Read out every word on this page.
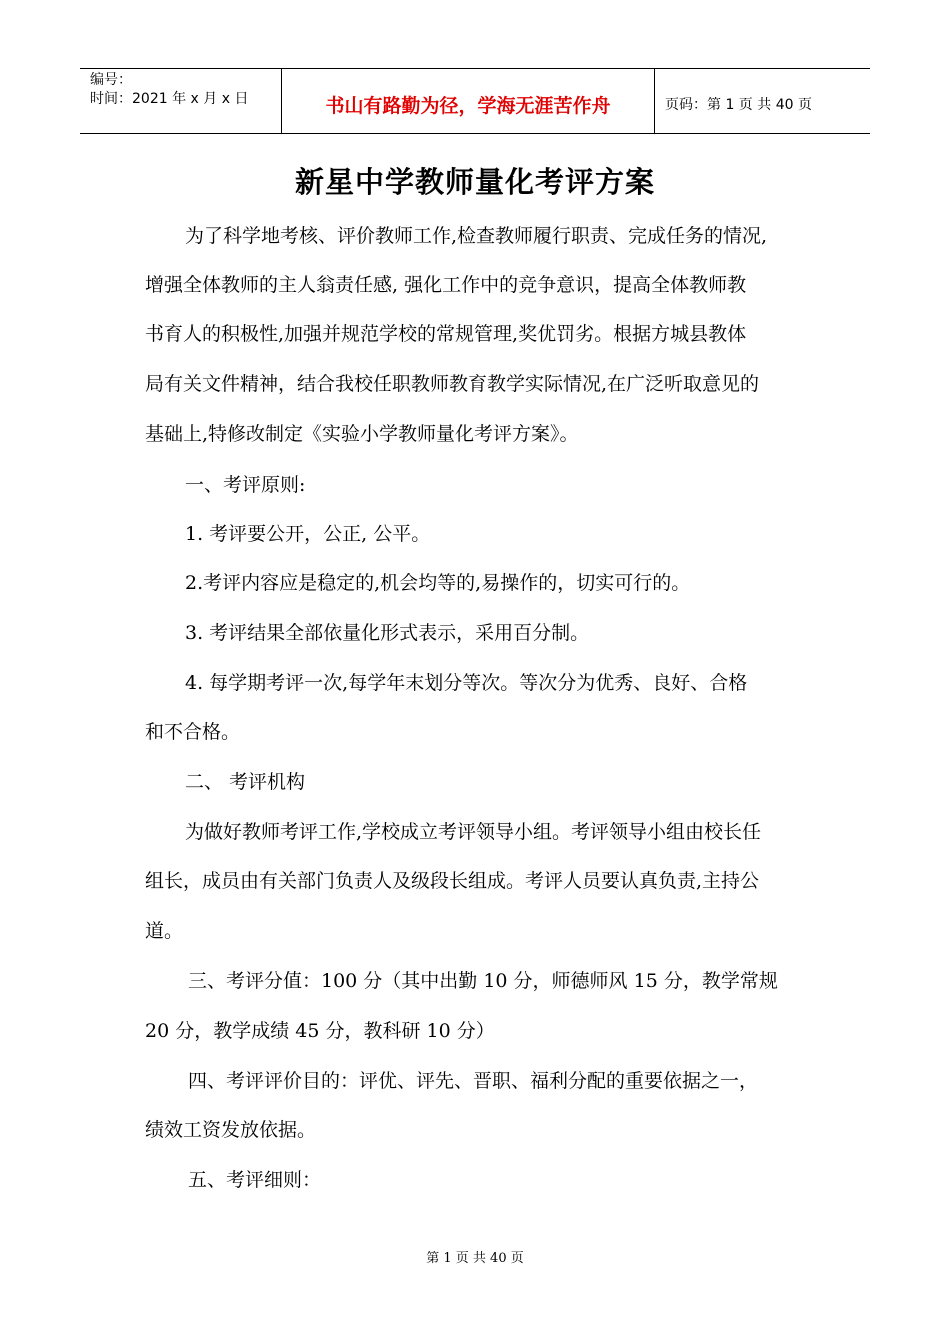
编号：
时间：2021 年 x 月 x 日	书山有路勤为径，学海无涯苦作舟	页码：第 1 页 共 40 页
新星中学教师量化考评方案
为了科学地考核、评价教师工作,检查教师履行职责、完成任务的情况,
增强全体教师的主人翁责任感, 强化工作中的竞争意识，提高全体教师教
书育人的积极性,加强并规范学校的常规管理,奖优罚劣。根据方城县教体
局有关文件精神，结合我校任职教师教育教学实际情况,在广泛听取意见的
基础上,特修改制定《实验小学教师量化考评方案》。
一、考评原则:
1. 考评要公开，公正, 公平。
2.考评内容应是稳定的,机会均等的,易操作的，切实可行的。
3. 考评结果全部依量化形式表示，采用百分制。
4. 每学期考评一次,每学年末划分等次。等次分为优秀、良好、合格
和不合格。
二、 考评机构
为做好教师考评工作,学校成立考评领导小组。考评领导小组由校长任
组长，成员由有关部门负责人及级段长组成。考评人员要认真负责,主持公
道。
三、考评分值：100 分（其中出勤 10 分，师德师风 15 分，教学常规
20 分，教学成绩 45 分，教科研 10 分）
四、考评评价目的：评优、评先、晋职、福利分配的重要依据之一，
绩效工资发放依据。
五、考评细则：
第 1 页 共 40 页
